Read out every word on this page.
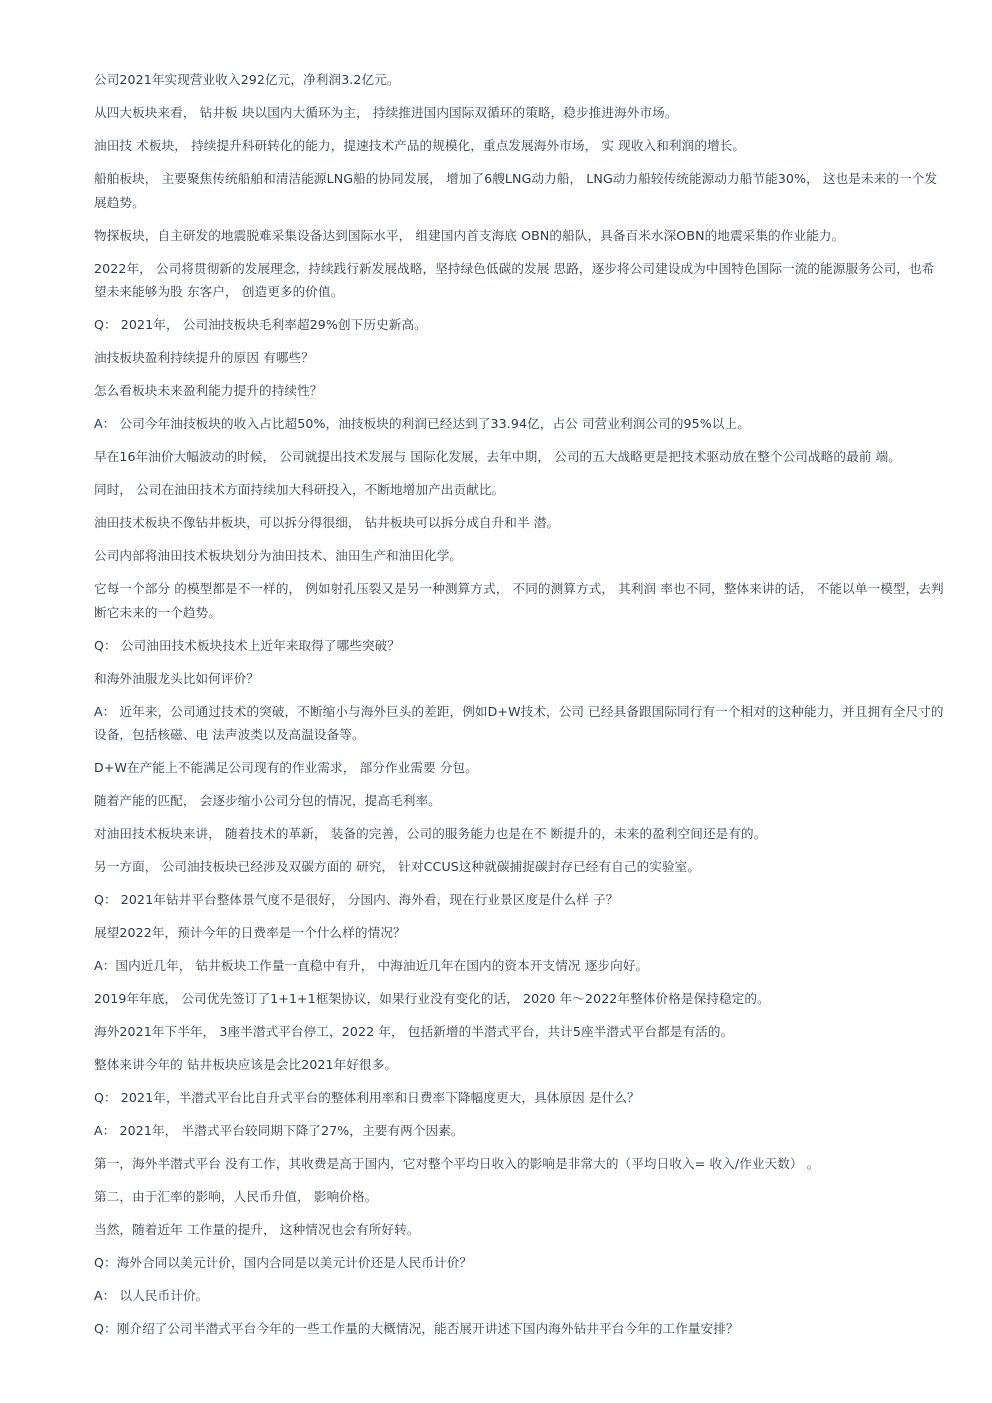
公司2021年实现营业收入292亿元，净利润3.2亿元。

从四大板块来看， 钻井板 块以国内大循环为主， 持续推进国内国际双循环的策略，稳步推进海外市场。

油田技 术板块， 持续提升科研转化的能力，提速技术产品的规模化，重点发展海外市场， 实 现收入和利润的增长。

船舶板块， 主要聚焦传统船舶和清洁能源LNG船的协同发展， 增加了6艘LNG动力船， LNG动力船较传统能源动力船节能30%， 这也是未来的一个发 展趋势。

物探板块，自主研发的地震脱难采集设备达到国际水平， 组建国内首支海底 OBN的船队，具备百米水深OBN的地震采集的作业能力。

2022年， 公司将贯彻新的发展理念，持续践行新发展战略，坚持绿色低碳的发展 思路，逐步将公司建设成为中国特色国际一流的能源服务公司，也希望未来能够为股 东客户， 创造更多的价值。

Q： 2021年， 公司油技板块毛利率超29%创下历史新高。

油技板块盈利持续提升的原因 有哪些？

怎么看板块未来盈利能力提升的持续性？

A： 公司今年油技板块的收入占比超50%，油技板块的利润已经达到了33.94亿，占公 司营业利润公司的95%以上。

早在16年油价大幅波动的时候， 公司就提出技术发展与 国际化发展，去年中期， 公司的五大战略更是把技术驱动放在整个公司战略的最前 端。

同时， 公司在油田技术方面持续加大科研投入，不断地增加产出贡献比。

油田技术板块不像钻井板块，可以拆分得很细， 钻井板块可以拆分成自升和半 潜。

公司内部将油田技术板块划分为油田技术、油田生产和油田化学。

它每一个部分 的模型都是不一样的， 例如射孔压裂又是另一种测算方式， 不同的测算方式， 其利润 率也不同，整体来讲的话， 不能以单一模型，去判断它未来的一个趋势。

Q： 公司油田技术板块技术上近年来取得了哪些突破？

和海外油服龙头比如何评价？

A： 近年来，公司通过技术的突破，不断缩小与海外巨头的差距，例如D+W技术，公司 已经具备跟国际同行有一个相对的这种能力，并且拥有全尺寸的设备，包括核磁、电 法声波类以及高温设备等。

D+W在产能上不能满足公司现有的作业需求， 部分作业需要 分包。

随着产能的匹配， 会逐步缩小公司分包的情况，提高毛利率。

对油田技术板块来讲， 随着技术的革新， 装备的完善，公司的服务能力也是在不 断提升的，未来的盈利空间还是有的。

另一方面， 公司油技板块已经涉及双碳方面的 研究， 针对CCUS这种就碳捕捉碳封存已经有自己的实验室。

Q： 2021年钻井平台整体景气度不是很好， 分国内、海外看，现在行业景区度是什么样 子？

展望2022年，预计今年的日费率是一个什么样的情况？

A：国内近几年， 钻井板块工作量一直稳中有升， 中海油近几年在国内的资本开支情况 逐步向好。

2019年年底， 公司优先签订了1+1+1框架协议，如果行业没有变化的话， 2020 年～2022年整体价格是保持稳定的。

海外2021年下半年， 3座半潜式平台停工，2022 年， 包括新增的半潜式平台，共计5座半潜式平台都是有活的。

整体来讲今年的 钻井板块应该是会比2021年好很多。

Q： 2021年，半潜式平台比自升式平台的整体利用率和日费率下降幅度更大，具体原因 是什么？

A： 2021年， 半潜式平台较同期下降了27%，主要有两个因素。

第一，海外半潜式平台 没有工作，其收费是高于国内，它对整个平均日收入的影响是非常大的（平均日收入= 收入/作业天数） 。

第二，由于汇率的影响，人民币升值， 影响价格。

当然，随着近年 工作量的提升， 这种情况也会有所好转。

Q：海外合同以美元计价，国内合同是以美元计价还是人民币计价？

A： 以人民币计价。

Q：刚介绍了公司半潜式平台今年的一些工作量的大概情况，能否展开讲述下国内海外钻井平台今年的工作量安排？
